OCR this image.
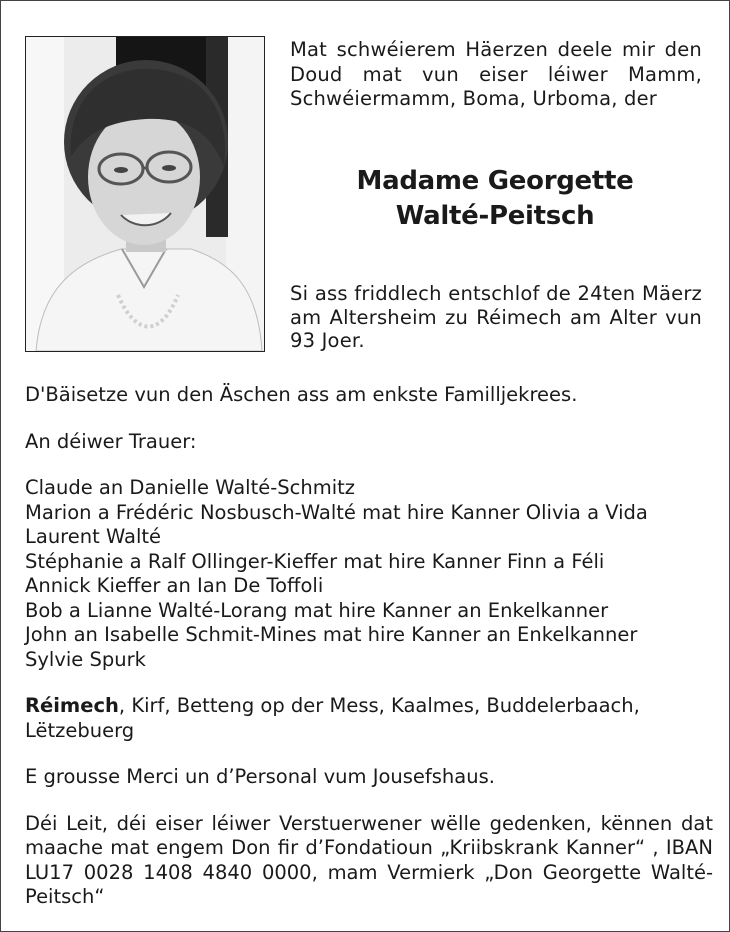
Mat schwéierem Häerzen deele mir den Doud mat vun eiser léiwer Mamm, Schwéiermamm, Boma, Urboma, der

Madame Georgette
Walté-Peitsch

Si ass friddlech entschlof de 24ten Mäerz am Altersheim zu Réimech am Alter vun 93 Joer.

D'Bäisetze vun den Äschen ass am enkste Familljekrees.

An déiwer Trauer:

Claude an Danielle Walté-Schmitz
Marion a Frédéric Nosbusch-Walté mat hire Kanner Olivia a Vida
Laurent Walté
Stéphanie a Ralf Ollinger-Kieffer mat hire Kanner Finn a Féli
Annick Kieffer an Ian De Toffoli
Bob a Lianne Walté-Lorang mat hire Kanner an Enkelkanner
John an Isabelle Schmit-Mines mat hire Kanner an Enkelkanner
Sylvie Spurk

Réimech, Kirf, Betteng op der Mess, Kaalmes, Buddelerbaach, Lëtzebuerg

E grousse Merci un d’Personal vum Jousefshaus.

Déi Leit, déi eiser léiwer Verstuerwener wëlle gedenken, kënnen dat maache mat engem Don fir d’Fondatioun „Kriibskrank Kanner“ , IBAN LU17 0028 1408 4840 0000, mam Vermierk „Don Georgette Walté-Peitsch“
